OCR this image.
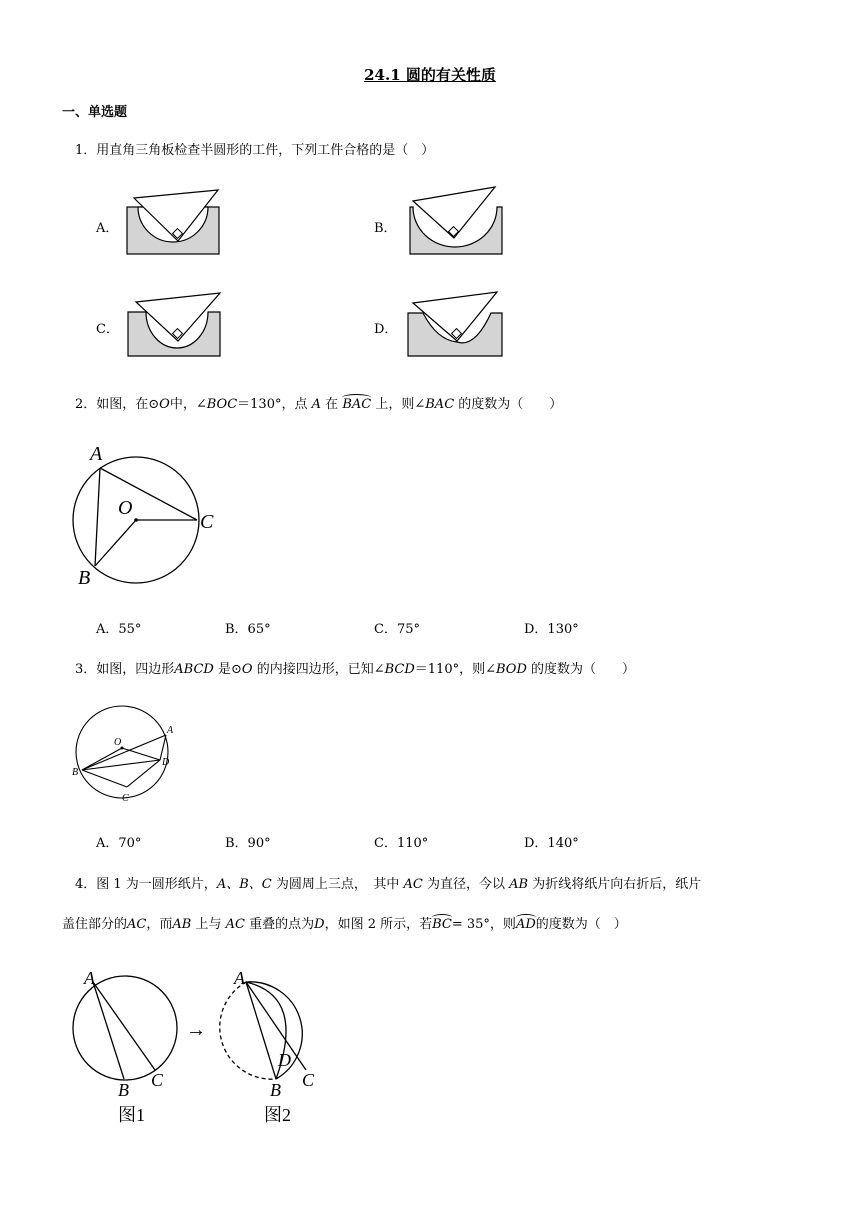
24.1 圆的有关性质
一、单选题
1．用直角三角板检查半圆形的工件，下列工件合格的是（　）
A．	B．
C．	D．
2．如图，在⊙O中，∠BOC＝130°，点 A 在 BAC 上，则∠BAC 的度数为（　　）
A
O
C
B
A．55°	B．65°	C．75°	D．130°
3．如图，四边形ABCD 是⊙O 的内接四边形，已知∠BCD＝110°，则∠BOD 的度数为（　　）
O
A
B
D
C
A．70°	B．90°	C．110°	D．140°
4．图 1 为一圆形纸片，A、B、C 为圆周上三点，　其中 AC 为直径，今以 AB 为折线将纸片向右折后，纸片
盖住部分的AC，而AB 上与 AC 重叠的点为D，如图 2 所示，若BC= 35°，则AD的度数为（　）
A
B C
图1
→
A
D
B C
图2
